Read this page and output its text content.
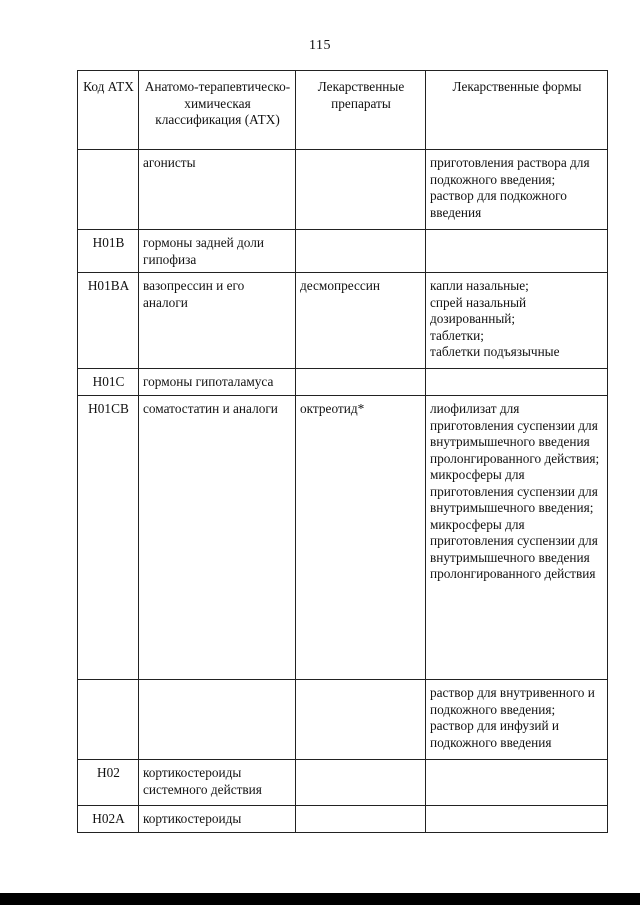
115
Код АТХ	Анатомо-терапевтическо-химическая классификация (АТХ)	Лекарственные препараты	Лекарственные формы
	агонисты		приготовления раствора для подкожного введения;
раствор для подкожного введения

H01B	гормоны задней доли гипофиза		
H01BA	вазопрессин и его аналоги	десмопрессин	капли назальные;
спрей назальный дозированный;
таблетки;
таблетки подъязычные

H01C	гормоны гипоталамуса		
H01CB	соматостатин и аналоги	октреотид*	лиофилизат для приготовления суспензии для внутримышечного введения пролонгированного действия;
микросферы для приготовления суспензии для внутримышечного введения;
микросферы для приготовления суспензии для внутримышечного введения пролонгированного действия

			раствор для внутривенного и подкожного введения;
раствор для инфузий и подкожного введения

H02	кортикостероиды системного действия		
H02A	кортикостероиды		
